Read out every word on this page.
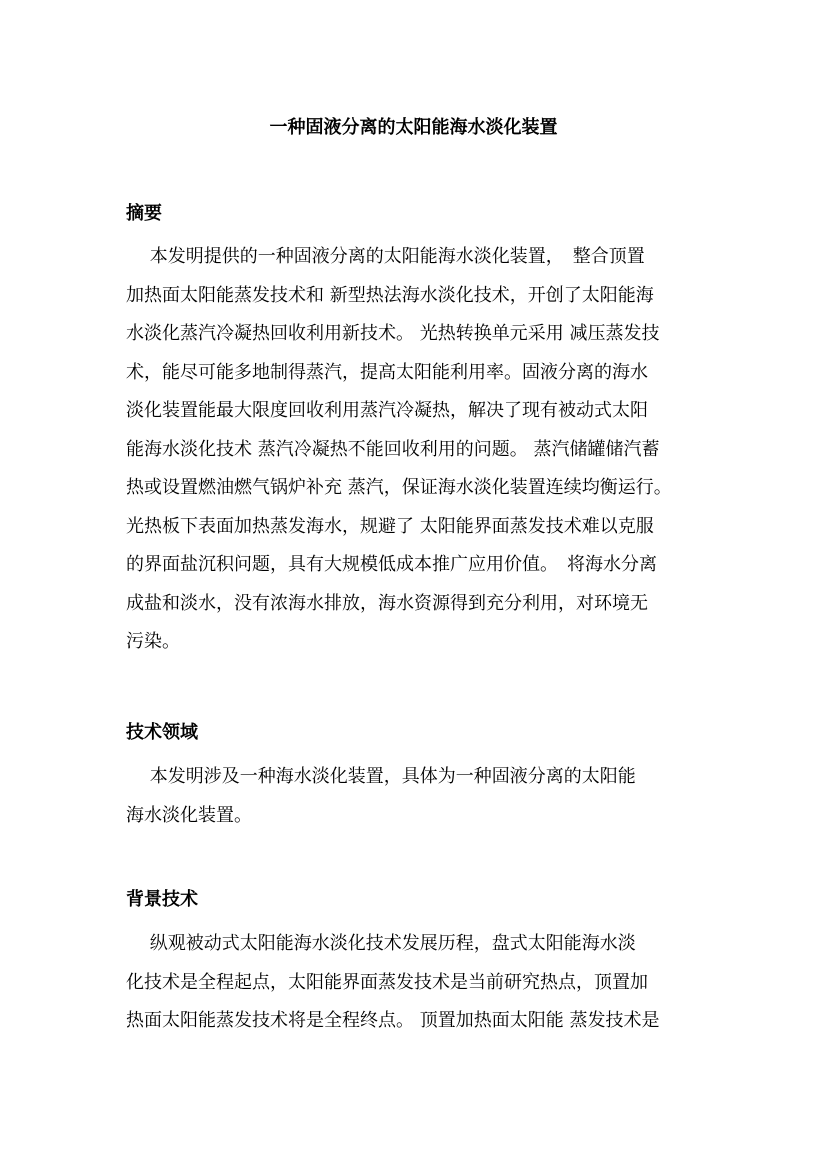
一种固液分离的太阳能海水淡化装置
摘要
　 本发明提供的一种固液分离的太阳能海水淡化装置，　整合顶置
加热面太阳能蒸发技术和 新型热法海水淡化技术，开创了太阳能海
水淡化蒸汽冷凝热回收利用新技术。 光热转换单元采用 减压蒸发技
术，能尽可能多地制得蒸汽，提高太阳能利用率。固液分离的海水
淡化装置能最大限度回收利用蒸汽冷凝热，解决了现有被动式太阳
能海水淡化技术 蒸汽冷凝热不能回收利用的问题。 蒸汽储罐储汽蓄
热或设置燃油燃气锅炉补充 蒸汽，保证海水淡化装置连续均衡运行。
光热板下表面加热蒸发海水，规避了 太阳能界面蒸发技术难以克服
的界面盐沉积问题，具有大规模低成本推广应用价值。　将海水分离
成盐和淡水，没有浓海水排放，海水资源得到充分利用，对环境无
污染。
技术领域
　 本发明涉及一种海水淡化装置，具体为一种固液分离的太阳能
海水淡化装置。
背景技术
　 纵观被动式太阳能海水淡化技术发展历程，盘式太阳能海水淡
化技术是全程起点，太阳能界面蒸发技术是当前研究热点，顶置加
热面太阳能蒸发技术将是全程终点。 顶置加热面太阳能 蒸发技术是
